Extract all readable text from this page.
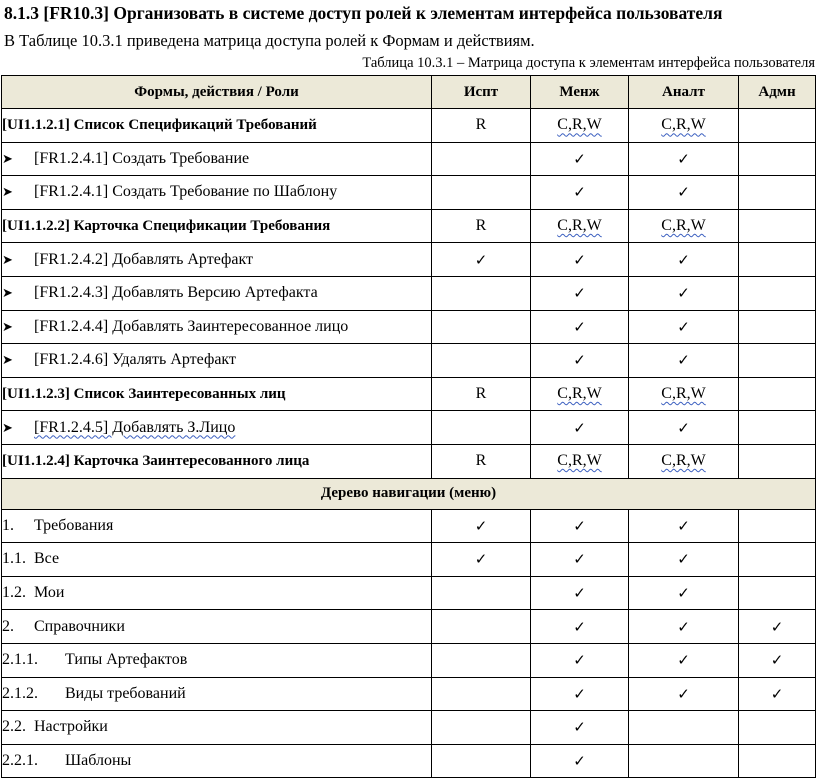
8.1.3 [FR10.3] Организовать в системе доступ ролей к элементам интерфейса пользователя

В Таблице 10.3.1 приведена матрица доступа ролей к Формам и действиям.

Таблица 10.3.1 – Матрица доступа к элементам интерфейса пользователя

Формы, действия / Роли	Испт	Менж	Аналт	Адмн
[UI1.1.2.1] Список Спецификаций Требований	R	C,R,W	C,R,W	
➤ [FR1.2.4.1] Создать Требование		✓	✓	
➤ [FR1.2.4.1] Создать Требование по Шаблону		✓	✓	
[UI1.1.2.2] Карточка Спецификации Требования	R	C,R,W	C,R,W	
➤ [FR1.2.4.2] Добавлять Артефакт	✓	✓	✓	
➤ [FR1.2.4.3] Добавлять Версию Артефакта		✓	✓	
➤ [FR1.2.4.4] Добавлять Заинтересованное лицо		✓	✓	
➤ [FR1.2.4.6] Удалять Артефакт		✓	✓	
[UI1.1.2.3] Список Заинтересованных лиц	R	C,R,W	C,R,W	
➤ [FR1.2.4.5] Добавлять З.Лицо		✓	✓	
[UI1.1.2.4] Карточка Заинтересованного лица	R	C,R,W	C,R,W	
Дерево навигации (меню)				
1. Требования	✓	✓	✓	
1.1. Все	✓	✓	✓	
1.2. Мои		✓	✓	
2. Справочники		✓	✓	✓
2.1.1. Типы Артефактов		✓	✓	✓
2.1.2. Виды требований		✓	✓	✓
2.2. Настройки		✓		
2.2.1. Шаблоны		✓		
